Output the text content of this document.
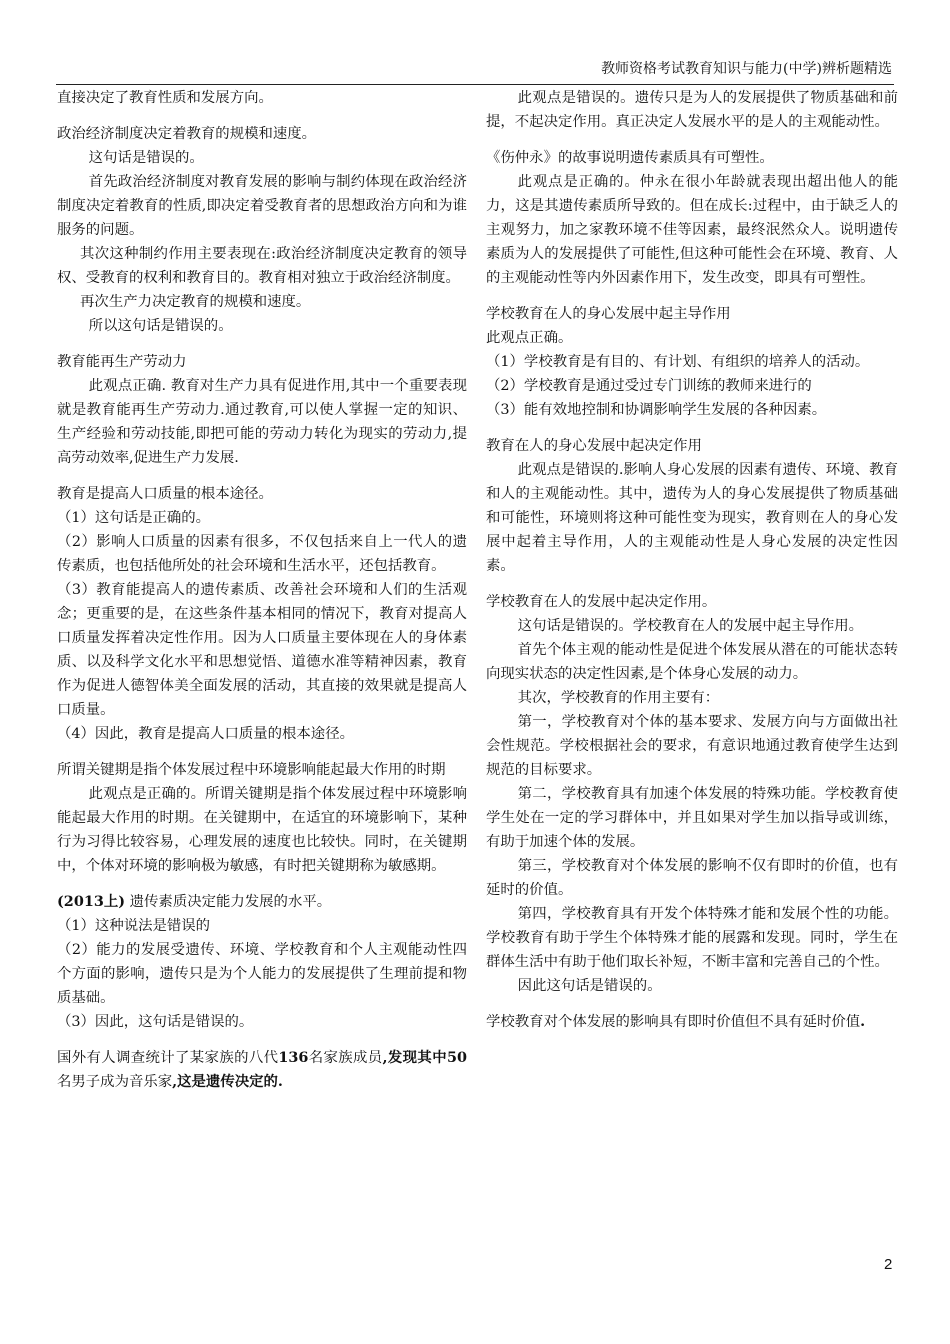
教师资格考试教育知识与能力(中学)辨析题精选

直接决定了教育性质和发展方向。

政治经济制度决定着教育的规模和速度。

这句话是错误的。

首先政治经济制度对教育发展的影响与制约体现在政治经济制度决定着教育的性质,即决定着受教育者的思想政治方向和为谁服务的问题。

其次这种制约作用主要表现在:政治经济制度决定教育的领导权、受教育的权利和教育目的。教育相对独立于政治经济制度。

再次生产力决定教育的规模和速度。

所以这句话是错误的。

教育能再生产劳动力

此观点正确. 教育对生产力具有促进作用,其中一个重要表现就是教育能再生产劳动力.通过教育,可以使人掌握一定的知识、生产经验和劳动技能,即把可能的劳动力转化为现实的劳动力,提高劳动效率,促进生产力发展.

教育是提高人口质量的根本途径。

（1）这句话是正确的。

（2）影响人口质量的因素有很多，不仅包括来自上一代人的遗传素质，也包括他所处的社会环境和生活水平，还包括教育。

（3）教育能提高人的遗传素质、改善社会环境和人们的生活观念；更重要的是，在这些条件基本相同的情况下，教育对提高人口质量发挥着决定性作用。因为人口质量主要体现在人的身体素质、以及科学文化水平和思想觉悟、道德水准等精神因素，教育作为促进人德智体美全面发展的活动，其直接的效果就是提高人口质量。

（4）因此，教育是提高人口质量的根本途径。

所谓关键期是指个体发展过程中环境影响能起最大作用的时期

此观点是正确的。所谓关键期是指个体发展过程中环境影响能起最大作用的时期。在关键期中，在适宜的环境影响下，某种行为习得比较容易，心理发展的速度也比较快。同时，在关键期中，个体对环境的影响极为敏感，有时把关键期称为敏感期。

(2013上) 遗传素质决定能力发展的水平。

（1）这种说法是错误的

（2）能力的发展受遗传、环境、学校教育和个人主观能动性四个方面的影响，遗传只是为个人能力的发展提供了生理前提和物质基础。

（3）因此，这句话是错误的。

国外有人调查统计了某家族的八代136名家族成员,发现其中50名男子成为音乐家,这是遗传决定的.

此观点是错误的。遗传只是为人的发展提供了物质基础和前提，不起决定作用。真正决定人发展水平的是人的主观能动性。

《伤仲永》的故事说明遗传素质具有可塑性。

此观点是正确的。仲永在很小年龄就表现出超出他人的能力，这是其遗传素质所导致的。但在成长:过程中，由于缺乏人的主观努力，加之家教环境不佳等因素，最终泯然众人。说明遗传素质为人的发展提供了可能性,但这种可能性会在环境、教育、人的主观能动性等内外因素作用下，发生改变，即具有可塑性。

学校教育在人的身心发展中起主导作用

此观点正确。

（1）学校教育是有目的、有计划、有组织的培养人的活动。

（2）学校教育是通过受过专门训练的教师来进行的

（3）能有效地控制和协调影响学生发展的各种因素。

教育在人的身心发展中起决定作用

此观点是错误的.影响人身心发展的因素有遗传、环境、教育和人的主观能动性。其中，遗传为人的身心发展提供了物质基础和可能性，环境则将这种可能性变为现实，教育则在人的身心发展中起着主导作用，人的主观能动性是人身心发展的决定性因素。

学校教育在人的发展中起决定作用。

这句话是错误的。学校教育在人的发展中起主导作用。

首先个体主观的能动性是促进个体发展从潜在的可能状态转向现实状态的决定性因素,是个体身心发展的动力。

其次，学校教育的作用主要有：

第一，学校教育对个体的基本要求、发展方向与方面做出社会性规范。学校根据社会的要求，有意识地通过教育使学生达到规范的目标要求。

第二，学校教育具有加速个体发展的特殊功能。学校教育使学生处在一定的学习群体中，并且如果对学生加以指导或训练，有助于加速个体的发展。

第三，学校教育对个体发展的影响不仅有即时的价值，也有延时的价值。

第四，学校教育具有开发个体特殊才能和发展个性的功能。学校教育有助于学生个体特殊才能的展露和发现。同时，学生在群体生活中有助于他们取长补短，不断丰富和完善自己的个性。

因此这句话是错误的。

学校教育对个体发展的影响具有即时价值但不具有延时价值.

2
